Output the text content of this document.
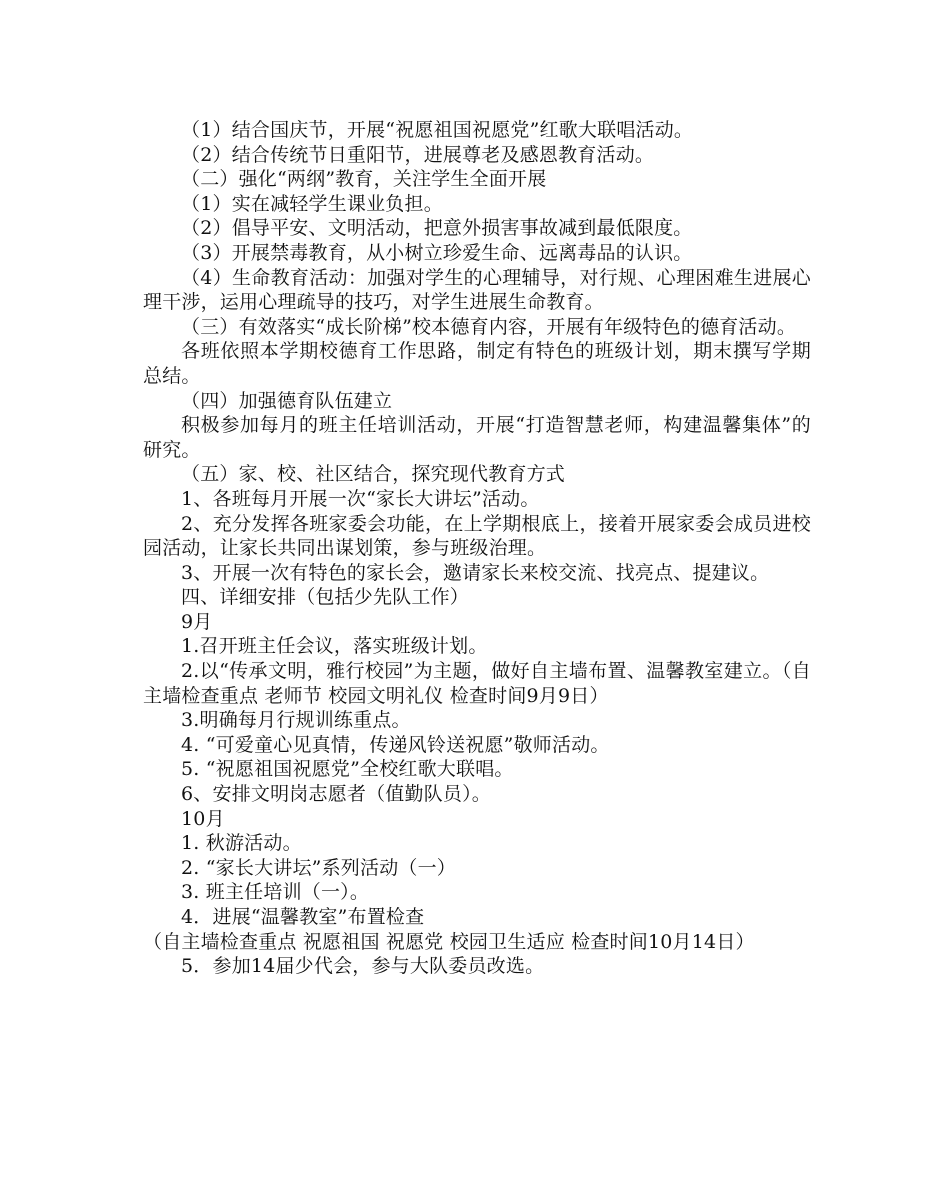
（1）结合国庆节，开展“祝愿祖国祝愿党”红歌大联唱活动。

（2）结合传统节日重阳节，进展尊老及感恩教育活动。

（二）强化“两纲”教育，关注学生全面开展

（1）实在减轻学生课业负担。

（2）倡导平安、文明活动，把意外损害事故减到最低限度。

（3）开展禁毒教育，从小树立珍爱生命、远离毒品的认识。

（4）生命教育活动：加强对学生的心理辅导，对行规、心理困难生进展心理干涉，运用心理疏导的技巧，对学生进展生命教育。

（三）有效落实“成长阶梯”校本德育内容，开展有年级特色的德育活动。

各班依照本学期校德育工作思路，制定有特色的班级计划，期末撰写学期总结。

（四）加强德育队伍建立

积极参加每月的班主任培训活动，开展“打造智慧老师，构建温馨集体”的研究。

（五）家、校、社区结合，探究现代教育方式

1、各班每月开展一次“家长大讲坛”活动。

2、充分发挥各班家委会功能，在上学期根底上，接着开展家委会成员进校园活动，让家长共同出谋划策，参与班级治理。

3、开展一次有特色的家长会，邀请家长来校交流、找亮点、提建议。

四、详细安排（包括少先队工作）

9月

1.召开班主任会议，落实班级计划。

2.以“传承文明，雅行校园”为主题，做好自主墙布置、温馨教室建立。（自主墙检查重点 老师节 校园文明礼仪 检查时间9月9日）

3.明确每月行规训练重点。

4. “可爱童心见真情，传递风铃送祝愿”敬师活动。

5. “祝愿祖国祝愿党”全校红歌大联唱。

6、安排文明岗志愿者（值勤队员）。

10月

1. 秋游活动。

2. “家长大讲坛”系列活动（一）

3. 班主任培训（一）。

4．进展“温馨教室”布置检查

（自主墙检查重点 祝愿祖国 祝愿党 校园卫生适应 检查时间10月14日）

5．参加14届少代会，参与大队委员改选。
